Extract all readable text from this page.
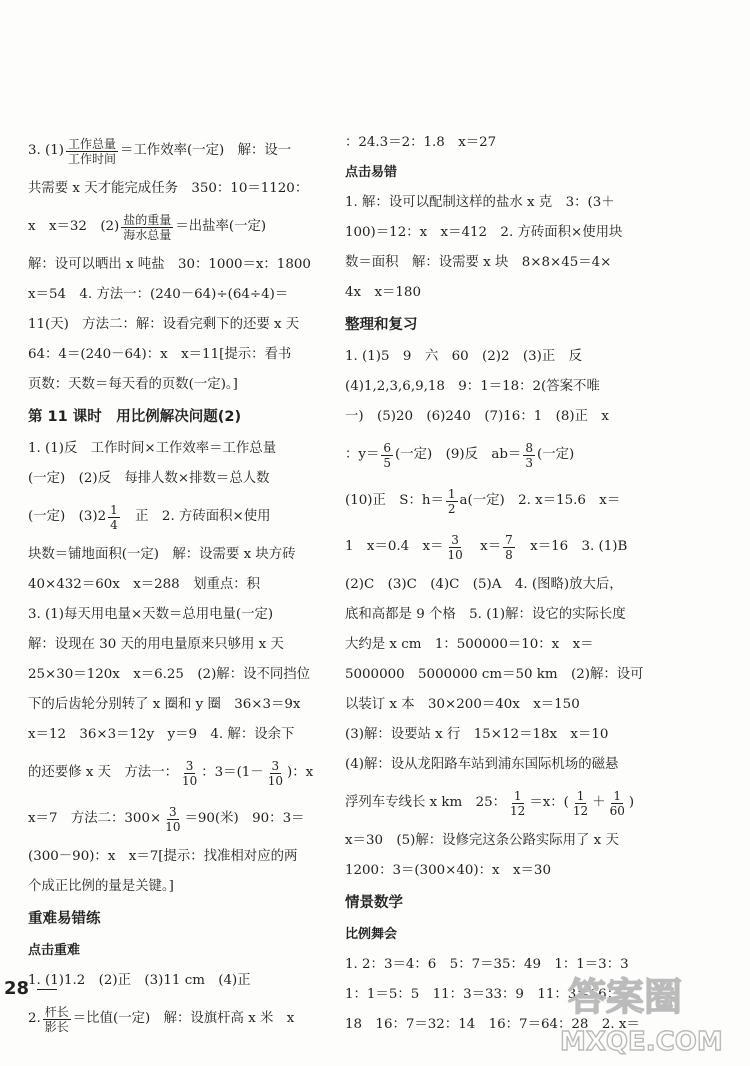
3. $(1) \frac{\text{工作总量}}{\text{工作时间}}$ ＝工作效率(一定)　解：设一
共需要 x 天才能完成任务　350：10＝1120：
x　x＝32　$(2) \frac{\text{盐的重量}}{\text{海水总量}}$ ＝出盐率(一定)
解：设可以晒出 x 吨盐　30：1000＝x：1800
x＝54　4. 方法一：(240－64)÷(64÷4)＝
11(天)　方法二：解：设看完剩下的还要 x 天
64：4＝(240－64)：x　x＝11[提示：看书
页数：天数＝每天看的页数(一定)。]
第 11 课时　用比例解决问题(2)
1. (1)反　工作时间×工作效率＝工作总量
(一定)　(2)反　每排人数×排数＝总人数
(一定)　$(3)2 \frac{1}{4}$ 　正　2. 方砖面积×使用
块数＝铺地面积(一定)　解：设需要 x 块方砖
40×432＝60x　x＝288　划重点：积
3. (1)每天用电量×天数＝总用电量(一定)
解：设现在 30 天的用电量原来只够用 x 天
25×30＝120x　x＝6.25　(2)解：设不同挡位
下的后齿轮分别转了 x 圈和 y 圈　36×3＝9x
x＝12　36×3＝12y　y＝9　4. 解：设余下
的还要修 x 天　方法一： $\frac{3}{10}$ ：$3=(1- \frac{3}{10}$ )：x
x＝7　方法二：$300\times \frac{3}{10} =90$(米)　90：3＝
(300－90)：x　x＝7[提示：找准相对应的两
个成正比例的量是关键。]
重难易错练
点击重难
1. (1)1.2　(2)正　(3)11 cm　(4)正
2. $\frac{\text{杆长}}{\text{影长}}$ ＝比值(一定)　解：设旗杆高 x 米　x
：24.3＝2：1.8　x＝27
点击易错
1. 解：设可以配制这样的盐水 x 克　3：(3＋
100)＝12：x　x＝412　2. 方砖面积×使用块
数＝面积　解：设需要 x 块　8×8×45＝4×
4x　x＝180
整理和复习
1. (1)5　9　六　60　(2)2　(3)正　反
(4)1,2,3,6,9,18　9：1＝18：2(答案不唯
一)　(5)20　(6)240　(7)16：1　(8)正　x
：$y= \frac{6}{5}$ (一定)　(9)反　$ab= \frac{8}{3}$ (一定)
(10)正　S：$h= \frac{1}{2} a$(一定)　2. x＝15.6　x＝
1　x＝0.4　$x= \frac{3}{10}$ 　$x= \frac{7}{8}$ 　x＝16　3. (1)B
(2)C　(3)C　(4)C　(5)A　4. (图略)放大后，
底和高都是 9 个格　5. (1)解：设它的实际长度
大约是 x cm　1：500000＝10：x　x＝
5000000　5000000 cm＝50 km　(2)解：设可
以装订 x 本　30×200＝40x　x＝150
(3)解：设要站 x 行　15×12＝18x　x＝10
(4)解：设从龙阳路车站到浦东国际机场的磁悬
浮列车专线长 x km　25： $\frac{1}{12} =x$：( $\frac{1}{12} + \frac{1}{60}$ )
x＝30　(5)解：设修完这条公路实际用了 x 天
1200：3＝(300×40)：x　x＝30
情景数学
比例舞会
1. 2：3＝4：6　5：7＝35：49　1：1＝3：3
1：1＝5：5　11：3＝33：9　11：3＝66：
18　16：7＝32：14　16：7＝64：28　2. x＝
28	答案圈
MXQE.COM
